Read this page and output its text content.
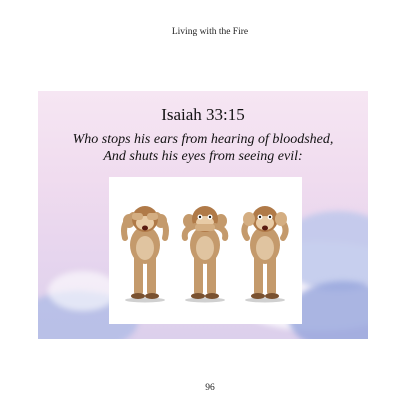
Living with the Fire
Isaiah 33:15
Who stops his ears from hearing of bloodshed,
And shuts his eyes from seeing evil:
96
